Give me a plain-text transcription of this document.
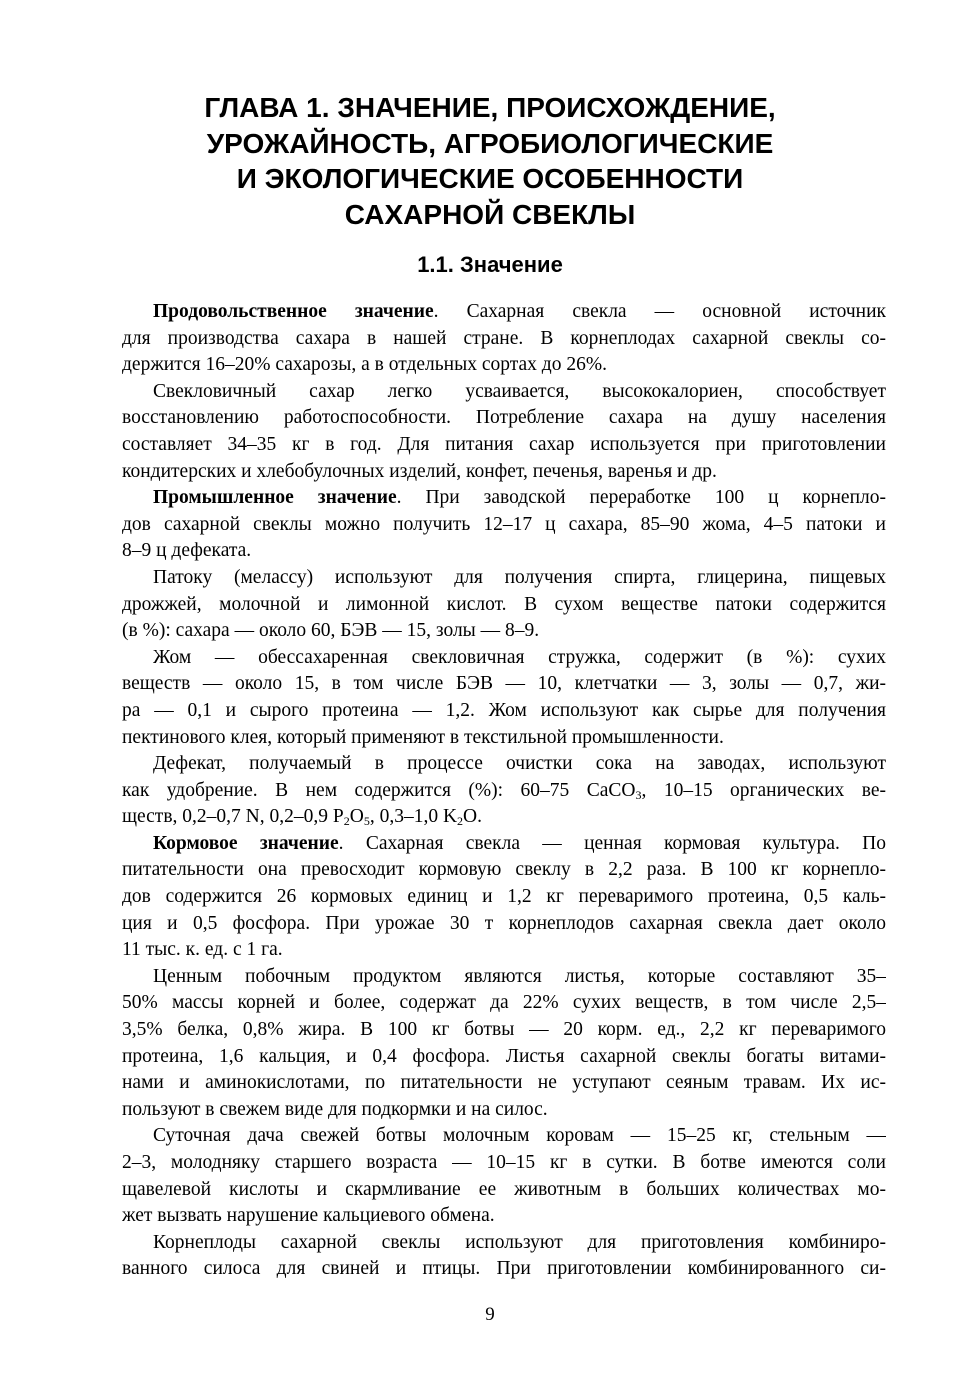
ГЛАВА 1. ЗНАЧЕНИЕ, ПРОИСХОЖДЕНИЕ,
УРОЖАЙНОСТЬ, АГРОБИОЛОГИЧЕСКИЕ
И ЭКОЛОГИЧЕСКИЕ ОСОБЕННОСТИ
САХАРНОЙ СВЕКЛЫ
1.1. Значение
Продовольственное значение. Сахарная свекла — основной источник
для производства сахара в нашей стране. В корнеплодах сахарной свеклы со-
держится 16–20% сахарозы, а в отдельных сортах до 26%.
Свекловичный сахар легко усваивается, высококалориен, способствует
восстановлению работоспособности. Потребление сахара на душу населения
составляет 34–35 кг в год. Для питания сахар используется при приготовлении
кондитерских и хлебобулочных изделий, конфет, печенья, варенья и др.
Промышленное значение. При заводской переработке 100 ц корнепло-
дов сахарной свеклы можно получить 12–17 ц сахара, 85–90 жома, 4–5 патоки и
8–9 ц дефеката.
Патоку (мелассу) используют для получения спирта, глицерина, пищевых
дрожжей, молочной и лимонной кислот. В сухом веществе патоки содержится
(в %): сахара — около 60, БЭВ — 15, золы — 8–9.
Жом — обессахаренная свекловичная стружка, содержит (в %): сухих
веществ — около 15, в том числе БЭВ — 10, клетчатки — 3, золы — 0,7, жи-
ра — 0,1 и сырого протеина — 1,2. Жом используют как сырье для получения
пектинового клея, который применяют в текстильной промышленности.
Дефекат, получаемый в процессе очистки сока на заводах, используют
как удобрение. В нем содержится (%): 60–75 CaCO$_3$, 10–15 органических ве-
ществ, 0,2–0,7 N, 0,2–0,9 $P_2O_5$, 0,3–1,0 $K_2O$.
Кормовое значение. Сахарная свекла — ценная кормовая культура. По
питательности она превосходит кормовую свеклу в 2,2 раза. В 100 кг корнепло-
дов содержится 26 кормовых единиц и 1,2 кг переваримого протеина, 0,5 каль-
ция и 0,5 фосфора. При урожае 30 т корнеплодов сахарная свекла дает около
11 тыс. к. ед. с 1 га.
Ценным побочным продуктом являются листья, которые составляют 35–
50% массы корней и более, содержат да 22% сухих веществ, в том числе 2,5–
3,5% белка, 0,8% жира. В 100 кг ботвы — 20 корм. ед., 2,2 кг переваримого
протеина, 1,6 кальция, и 0,4 фосфора. Листья сахарной свеклы богаты витами-
нами и аминокислотами, по питательности не уступают сеяным травам. Их ис-
пользуют в свежем виде для подкормки и на силос.
Суточная дача свежей ботвы молочным коровам — 15–25 кг, стельным —
2–3, молодняку старшего возраста — 10–15 кг в сутки. В ботве имеются соли
щавелевой кислоты и скармливание ее животным в больших количествах мо-
жет вызвать нарушение кальциевого обмена.
Корнеплоды сахарной свеклы используют для приготовления комбиниро-
ванного силоса для свиней и птицы. При приготовлении комбинированного си-
9
